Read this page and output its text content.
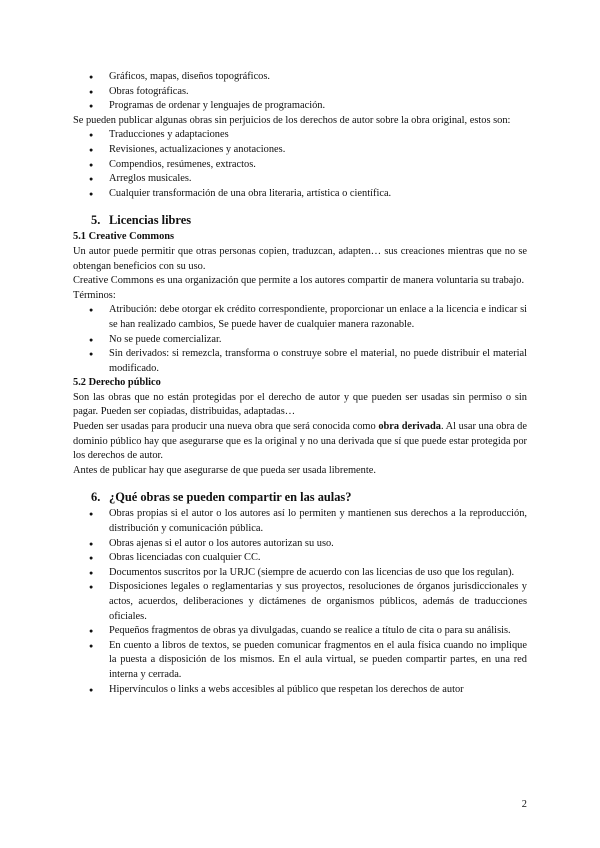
● Gráficos, mapas, diseños topográficos.
● Obras fotográficas.
● Programas de ordenar y lenguajes de programación.

Se pueden publicar algunas obras sin perjuicios de los derechos de autor sobre la obra original, estos son:

● Traducciones y adaptaciones
● Revisiones, actualizaciones y anotaciones.
● Compendios, resúmenes, extractos.
● Arreglos musicales.
● Cualquier transformación de una obra literaria, artística o científica.
5. Licencias libres
5.1 Creative Commons

Un autor puede permitir que otras personas copien, traduzcan, adapten… sus creaciones mientras que no se obtengan beneficios con su uso.

Creative Commons es una organización que permite a los autores compartir de manera voluntaria su trabajo.

Términos:

● Atribución: debe otorgar ek crédito correspondiente, proporcionar un enlace a la licencia e indicar si se han realizado cambios, Se puede haver de cualquier manera razonable.
● No se puede comercializar.
● Sin derivados: si remezcla, transforma o construye sobre el material, no puede distribuir el material modificado.
5.2 Derecho público

Son las obras que no están protegidas por el derecho de autor y que pueden ser usadas sin permiso o sin pagar. Pueden ser copiadas, distribuidas, adaptadas…

Pueden ser usadas para producir una nueva obra que será conocida como obra derivada. Al usar una obra de dominio público hay que asegurarse que es la original y no una derivada que sí que puede estar protegida por los derechos de autor.

Antes de publicar hay que asegurarse de que pueda ser usada libremente.

6. ¿Qué obras se pueden compartir en las aulas?
● Obras propias si el autor o los autores así lo permiten y mantienen sus derechos a la reproducción, distribución y comunicación pública.
● Obras ajenas si el autor o los autores autorizan su uso.
● Obras licenciadas con cualquier CC.
● Documentos suscritos por la URJC (siempre de acuerdo con las licencias de uso que los regulan).
● Disposiciones legales o reglamentarias y sus proyectos, resoluciones de órganos jurisdiccionales y actos, acuerdos, deliberaciones y dictámenes de organismos públicos, además de traducciones oficiales.
● Pequeños fragmentos de obras ya divulgadas, cuando se realice a título de cita o para su análisis.
● En cuento a libros de textos, se pueden comunicar fragmentos en el aula física cuando no implique la puesta a disposición de los mismos. En el aula virtual, se pueden compartir partes, en una red interna y cerrada.
● Hipervínculos o links a webs accesibles al público que respetan los derechos de autor
2
